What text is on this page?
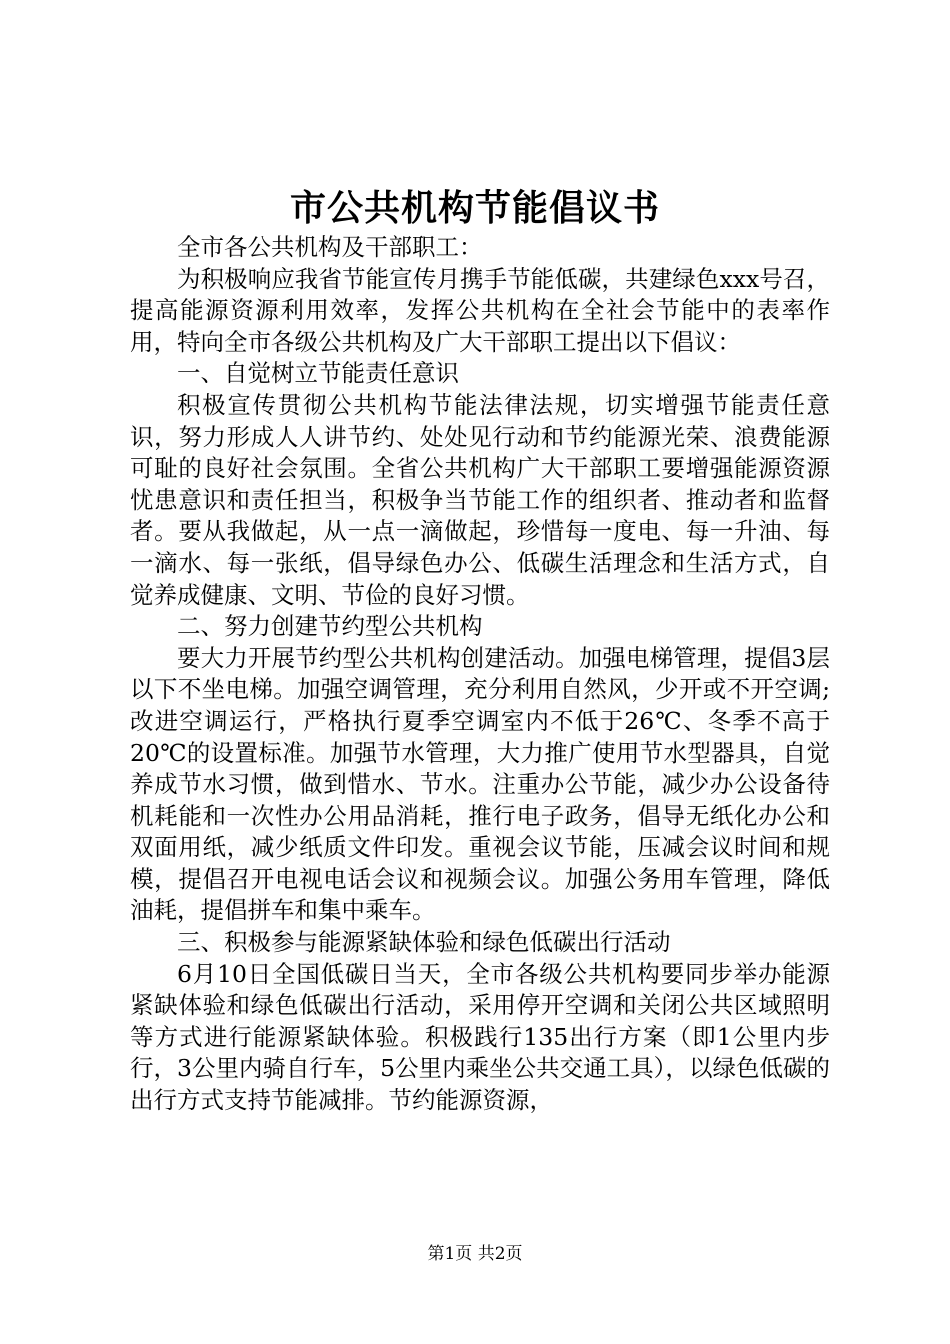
市公共机构节能倡议书

全市各公共机构及干部职工：

为积极响应我省节能宣传月携手节能低碳，共建绿色xxx号召，提高能源资源利用效率，发挥公共机构在全社会节能中的表率作用，特向全市各级公共机构及广大干部职工提出以下倡议：

一、自觉树立节能责任意识

积极宣传贯彻公共机构节能法律法规，切实增强节能责任意识，努力形成人人讲节约、处处见行动和节约能源光荣、浪费能源可耻的良好社会氛围。全省公共机构广大干部职工要增强能源资源忧患意识和责任担当，积极争当节能工作的组织者、推动者和监督者。要从我做起，从一点一滴做起，珍惜每一度电、每一升油、每一滴水、每一张纸，倡导绿色办公、低碳生活理念和生活方式，自觉养成健康、文明、节俭的良好习惯。

二、努力创建节约型公共机构

要大力开展节约型公共机构创建活动。加强电梯管理，提倡3层以下不坐电梯。加强空调管理，充分利用自然风，少开或不开空调;改进空调运行，严格执行夏季空调室内不低于26℃、冬季不高于20℃的设置标准。加强节水管理，大力推广使用节水型器具，自觉养成节水习惯，做到惜水、节水。注重办公节能，减少办公设备待机耗能和一次性办公用品消耗，推行电子政务，倡导无纸化办公和双面用纸，减少纸质文件印发。重视会议节能，压减会议时间和规模，提倡召开电视电话会议和视频会议。加强公务用车管理，降低油耗，提倡拼车和集中乘车。

三、积极参与能源紧缺体验和绿色低碳出行活动

6月10日全国低碳日当天，全市各级公共机构要同步举办能源紧缺体验和绿色低碳出行活动，采用停开空调和关闭公共区域照明等方式进行能源紧缺体验。积极践行135出行方案（即1公里内步行，3公里内骑自行车，5公里内乘坐公共交通工具），以绿色低碳的出行方式支持节能减排。节约能源资源，

第1页 共2页
